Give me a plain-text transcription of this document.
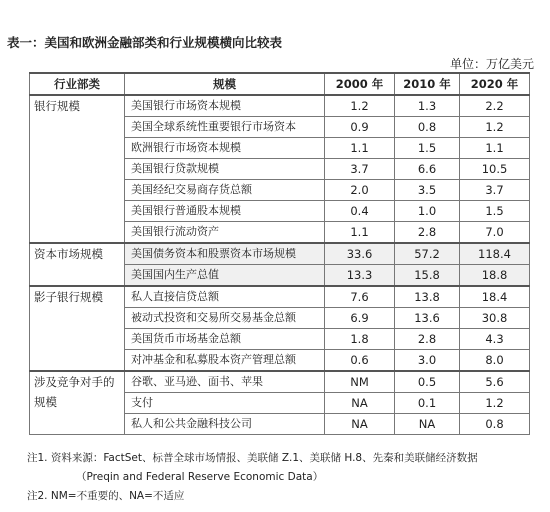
表一：美国和欧洲金融部类和行业规模横向比较表
单位：万亿美元
行业部类	规模	2000 年	2010 年	2020 年
银行规模	美国银行市场资本规模	1.2	1.3	2.2
	美国全球系统性重要银行市场资本	0.9	0.8	1.2
	欧洲银行市场资本规模	1.1	1.5	1.1
	美国银行贷款规模	3.7	6.6	10.5
	美国经纪交易商存货总额	2.0	3.5	3.7
	美国银行普通股本规模	0.4	1.0	1.5
	美国银行流动资产	1.1	2.8	7.0
资本市场规模	美国债务资本和股票资本市场规模	33.6	57.2	118.4
	美国国内生产总值	13.3	15.8	18.8
影子银行规模	私人直接信贷总额	7.6	13.8	18.4
	被动式投资和交易所交易基金总额	6.9	13.6	30.8
	美国货币市场基金总额	1.8	2.8	4.3
	对冲基金和私募股本资产管理总额	0.6	3.0	8.0
涉及竞争对手的规模	谷歌、亚马逊、面书、苹果	NM	0.5	5.6
	支付	NA	0.1	1.2
	私人和公共金融科技公司	NA	NA	0.8
注1. 资料来源：FactSet、标普全球市场情报、美联储 Z.1、美联储 H.8、先秦和美联储经济数据
（Preqin and Federal Reserve Economic Data）
注2. NM=不重要的、NA=不适应
